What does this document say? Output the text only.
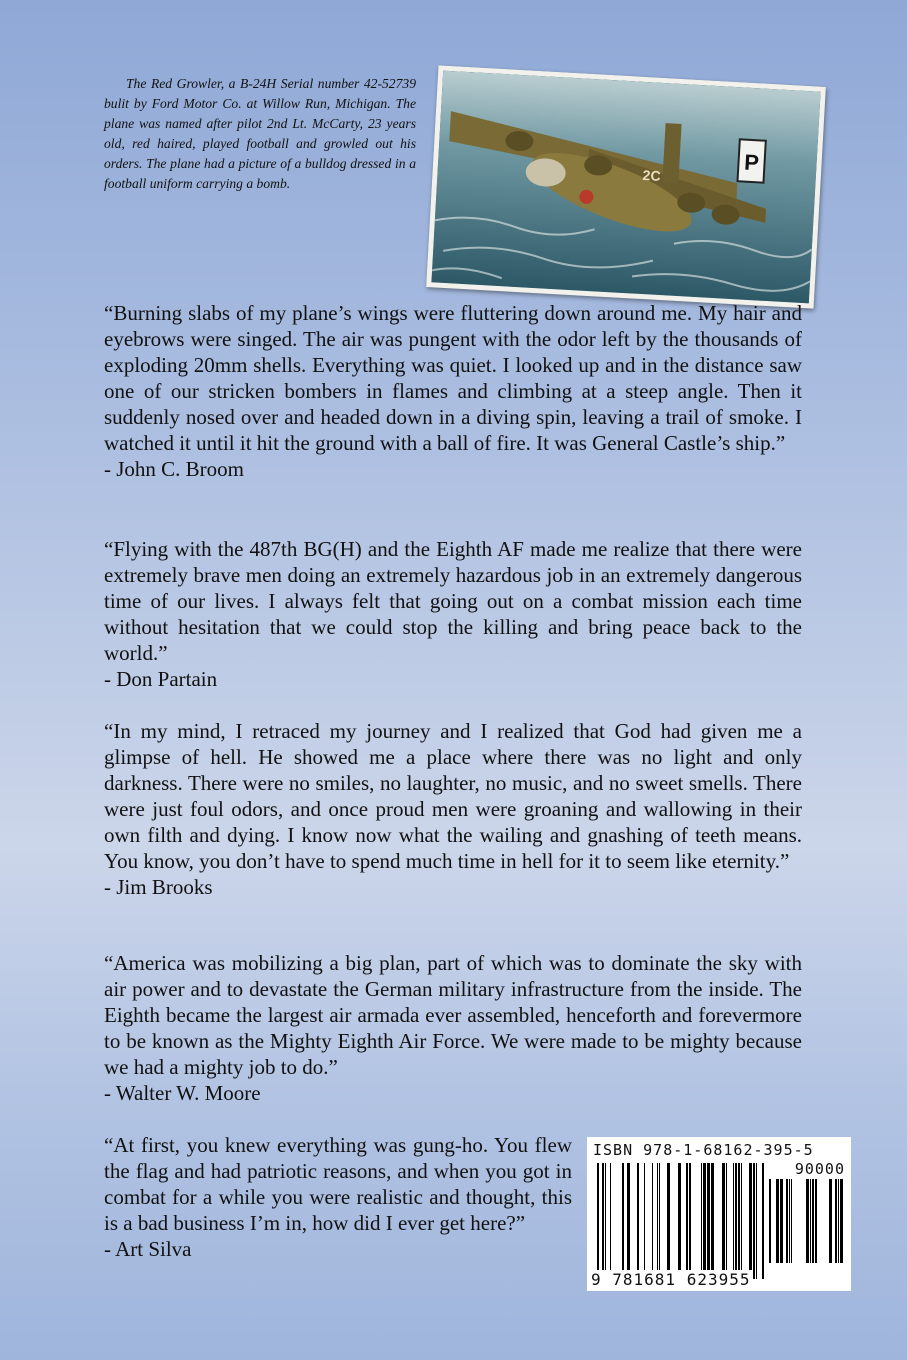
The Red Growler, a B-24H Serial number 42-52739 bulit by Ford Motor Co. at Willow Run, Michigan. The plane was named after pilot 2nd Lt. McCarty, 23 years old, red haired, played football and growled out his orders. The plane had a picture of a bulldog dressed in a football uniform carrying a bomb.
P
2C

“Burning slabs of my plane’s wings were fluttering down around me. My hair and eyebrows were singed. The air was pungent with the odor left by the thousands of exploding 20mm shells. Everything was quiet. I looked up and in the distance saw one of our stricken bombers in flames and climbing at a steep angle. Then it suddenly nosed over and headed down in a diving spin, leaving a trail of smoke. I watched it until it hit the ground with a ball of fire. It was General Castle’s ship.”

- John C. Broom

“Flying with the 487th BG(H) and the Eighth AF made me realize that there were extremely brave men doing an extremely hazardous job in an extremely dangerous time of our lives. I always felt that going out on a combat mission each time without hesitation that we could stop the killing and bring peace back to the world.”

- Don Partain

“In my mind, I retraced my journey and I realized that God had given me a glimpse of hell. He showed me a place where there was no light and only darkness. There were no smiles, no laughter, no music, and no sweet smells. There were just foul odors, and once proud men were groaning and wallowing in their own filth and dying. I know now what the wailing and gnashing of teeth means. You know, you don’t have to spend much time in hell for it to seem like eternity.”

- Jim Brooks

“America was mobilizing a big plan, part of which was to dominate the sky with air power and to devastate the German military infrastructure from the inside. The Eighth became the largest air armada ever assembled, henceforth and forevermore to be known as the Mighty Eighth Air Force. We were made to be mighty because we had a mighty job to do.”

- Walter W. Moore

“At first, you knew everything was gung-ho. You flew the flag and had patriotic reasons, and when you got in combat for a while you were realistic and thought, this is a bad business I’m in, how did I ever get here?”

- Art Silva

ISBN 978-1-68162-395-5
90000
9 781681 623955
